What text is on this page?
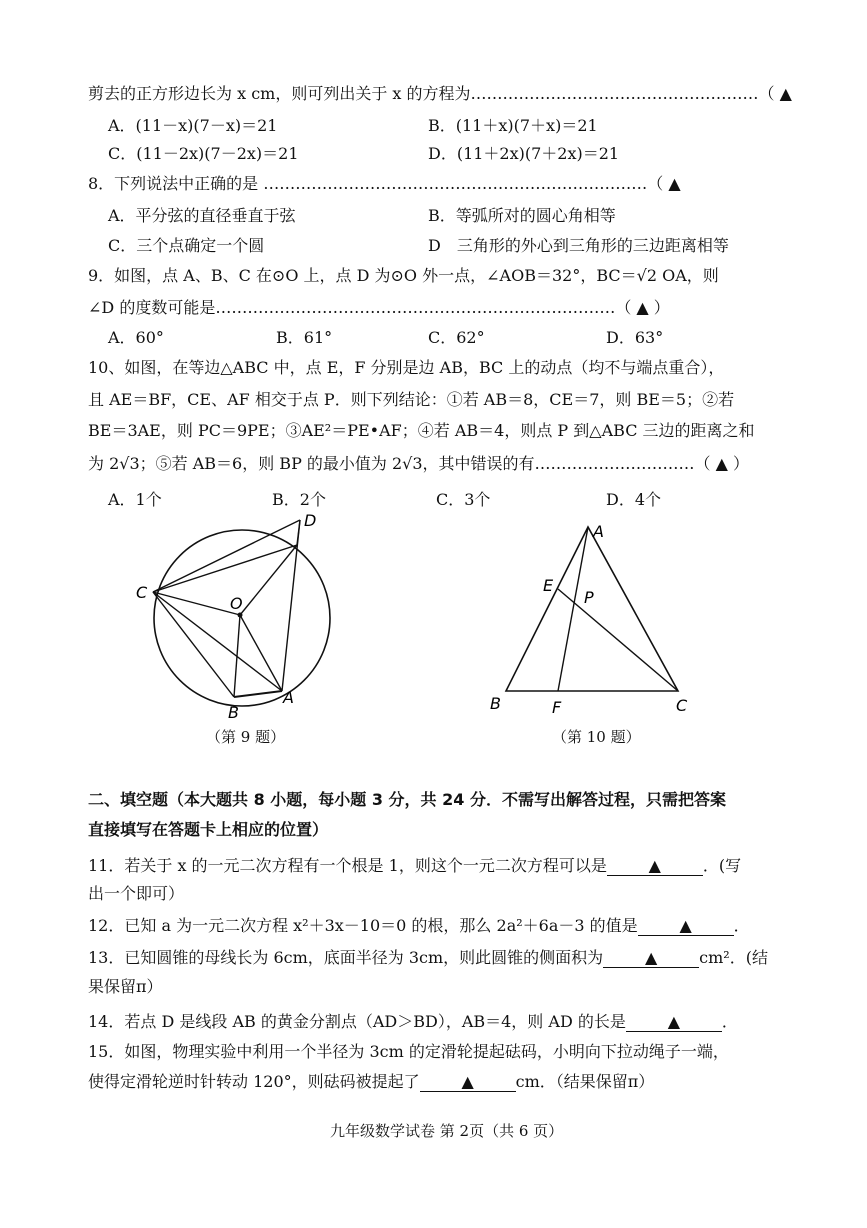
剪去的正方形边长为 x cm，则可列出关于 x 的方程为………………………………………………（ ▲
A．(11－x)(7－x)＝21	B．(11＋x)(7＋x)＝21
C．(11－2x)(7－2x)＝21	D．(11＋2x)(7＋2x)＝21
8．下列说法中正确的是 ………………………………………………………………（ ▲
A．平分弦的直径垂直于弦	B．等弧所对的圆心角相等
C．三个点确定一个圆	D　三角形的外心到三角形的三边距离相等
9．如图，点 A、B、C 在⊙O 上，点 D 为⊙O 外一点，∠AOB＝32°，BC＝√2 OA，则
∠D 的度数可能是…………………………………………………………………（ ▲ ）
A．60°	B．61°	C．62°	D．63°
10、如图，在等边△ABC 中，点 E，F 分别是边 AB，BC 上的动点（均不与端点重合），
且 AE＝BF，CE、AF 相交于点 P．则下列结论：①若 AB＝8，CE＝7，则 BE＝5；②若
BE＝3AE，则 PC＝9PE；③AE²＝PE•AF；④若 AB＝4，则点 P 到△ABC 三边的距离之和
为 2√3；⑤若 AB＝6，则 BP 的最小值为 2√3，其中错误的有…………………………（ ▲ ）
A．1个	B．2个	C．3个	D．4个
D
C
O
B
A
（第 9 题）
A
E
P
B	F	C
（第 10 题）
二、填空题（本大题共 8 小题，每小题 3 分，共 24 分．不需写出解答过程，只需把答案
直接填写在答题卡上相应的位置）
11．若关于 x 的一元二次方程有一个根是 1，则这个一元二次方程可以是	▲	．(写
出一个即可）
12．已知 a 为一元二次方程 x²＋3x－10＝0 的根，那么 2a²＋6a－3 的值是	▲	．
13．已知圆锥的母线长为 6cm，底面半径为 3cm，则此圆锥的侧面积为	▲	cm²．(结
果保留π）
14．若点 D 是线段 AB 的黄金分割点（AD＞BD），AB＝4，则 AD 的长是	▲	．
15．如图，物理实验中利用一个半径为 3cm 的定滑轮提起砝码，小明向下拉动绳子一端，
使得定滑轮逆时针转动 120°，则砝码被提起了	▲	cm．（结果保留π）
九年级数学试卷 第 2页（共 6 页）
